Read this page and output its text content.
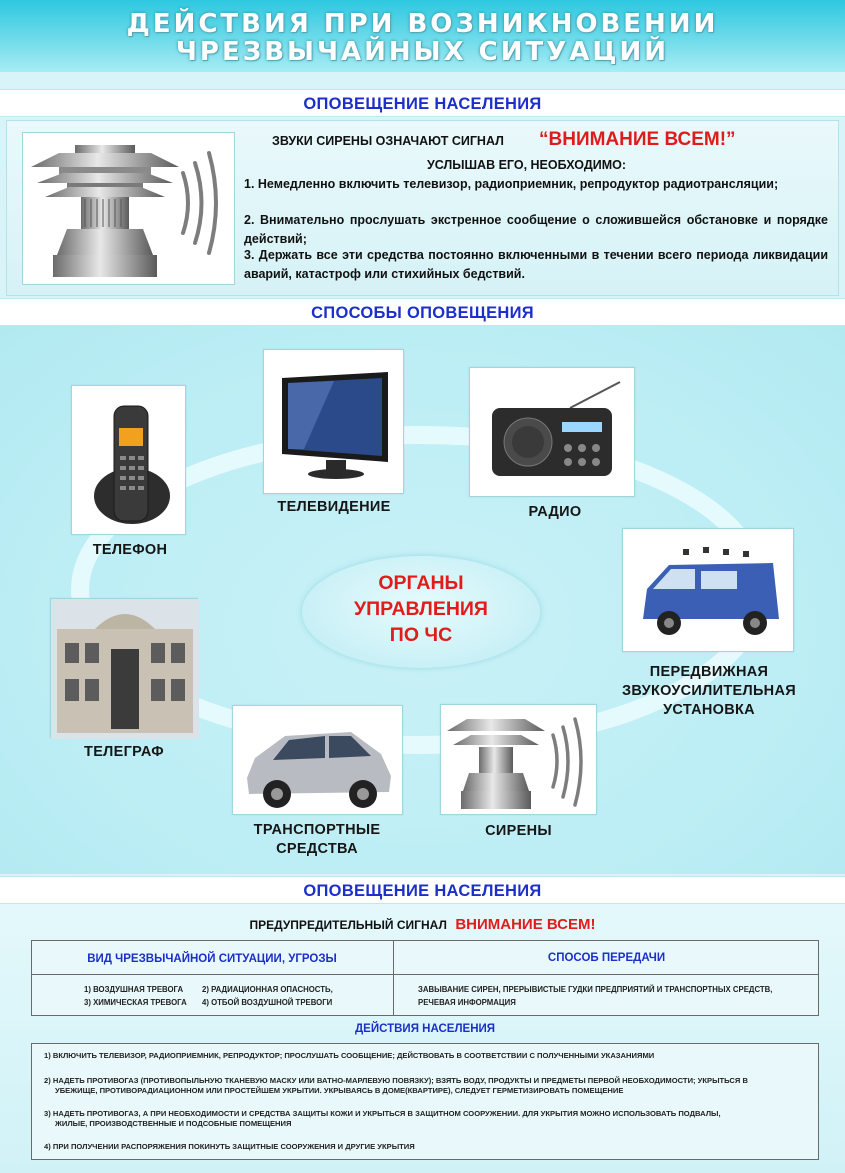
ДЕЙСТВИЯ ПРИ ВОЗНИКНОВЕНИИ
ЧРЕЗВЫЧАЙНЫХ СИТУАЦИЙ
ОПОВЕЩЕНИЕ НАСЕЛЕНИЯ
ЗВУКИ СИРЕНЫ ОЗНАЧАЮТ СИГНАЛ “ВНИМАНИЕ ВСЕМ!”
УСЛЫШАВ ЕГО, НЕОБХОДИМО:
1. Немедленно включить телевизор, радиоприемник, репродуктор радиотрансляции;
2. Внимательно прослушать экстренное сообщение о сложившейся обстановке и порядке действий;
3. Держать все эти средства постоянно включенными в течении всего периода ликвидации аварий, катастроф или стихийных бедствий.
СПОСОБЫ ОПОВЕЩЕНИЯ
ТЕЛЕФОН
ТЕЛЕВИДЕНИЕ	РАДИО
ОРГАНЫ
УПРАВЛЕНИЯ
ПО ЧС
ПЕРЕДВИЖНАЯ
ЗВУКОУСИЛИТЕЛЬНАЯ
УСТАНОВКА
ТЕЛЕГРАФ
ТРАНСПОРТНЫЕ
СРЕДСТВА
СИРЕНЫ
ОПОВЕЩЕНИЕ НАСЕЛЕНИЯ
ПРЕДУПРЕДИТЕЛЬНЫЙ СИГНАЛ ВНИМАНИЕ ВСЕМ!
ВИД ЧРЕЗВЫЧАЙНОЙ СИТУАЦИИ, УГРОЗЫ	СПОСОБ ПЕРЕДАЧИ
1) ВОЗДУШНАЯ ТРЕВОГА 2) РАДИАЦИОННАЯ ОПАСНОСТЬ,
3) ХИМИЧЕСКАЯ ТРЕВОГА 4) ОТБОЙ ВОЗДУШНОЙ ТРЕВОГИ
ЗАВЫВАНИЕ СИРЕН, ПРЕРЫВИСТЫЕ ГУДКИ ПРЕДПРИЯТИЙ И ТРАНСПОРТНЫХ СРЕДСТВ,
РЕЧЕВАЯ ИНФОРМАЦИЯ
ДЕЙСТВИЯ НАСЕЛЕНИЯ
1) ВКЛЮЧИТЬ ТЕЛЕВИЗОР, РАДИОПРИЕМНИК, РЕПРОДУКТОР; ПРОСЛУШАТЬ СООБЩЕНИЕ; ДЕЙСТВОВАТЬ В СООТВЕТСТВИИ С ПОЛУЧЕННЫМИ УКАЗАНИЯМИ
2) НАДЕТЬ ПРОТИВОГАЗ (ПРОТИВОПЫЛЬНУЮ ТКАНЕВУЮ МАСКУ ИЛИ ВАТНО-МАРЛЕВУЮ ПОВЯЗКУ); ВЗЯТЬ ВОДУ, ПРОДУКТЫ И ПРЕДМЕТЫ ПЕРВОЙ НЕОБХОДИМОСТИ; УКРЫТЬСЯ В
УБЕЖИЩЕ, ПРОТИВОРАДИАЦИОННОМ ИЛИ ПРОСТЕЙШЕМ УКРЫТИИ. УКРЫВАЯСЬ В ДОМЕ(КВАРТИРЕ), СЛЕДУЕТ ГЕРМЕТИЗИРОВАТЬ ПОМЕЩЕНИЕ
3) НАДЕТЬ ПРОТИВОГАЗ, А ПРИ НЕОБХОДИМОСТИ И СРЕДСТВА ЗАЩИТЫ КОЖИ И УКРЫТЬСЯ В ЗАЩИТНОМ СООРУЖЕНИИ. ДЛЯ УКРЫТИЯ МОЖНО ИСПОЛЬЗОВАТЬ ПОДВАЛЫ,
ЖИЛЫЕ, ПРОИЗВОДСТВЕННЫЕ И ПОДСОБНЫЕ ПОМЕЩЕНИЯ
4) ПРИ ПОЛУЧЕНИИ РАСПОРЯЖЕНИЯ ПОКИНУТЬ ЗАЩИТНЫЕ СООРУЖЕНИЯ И ДРУГИЕ УКРЫТИЯ
